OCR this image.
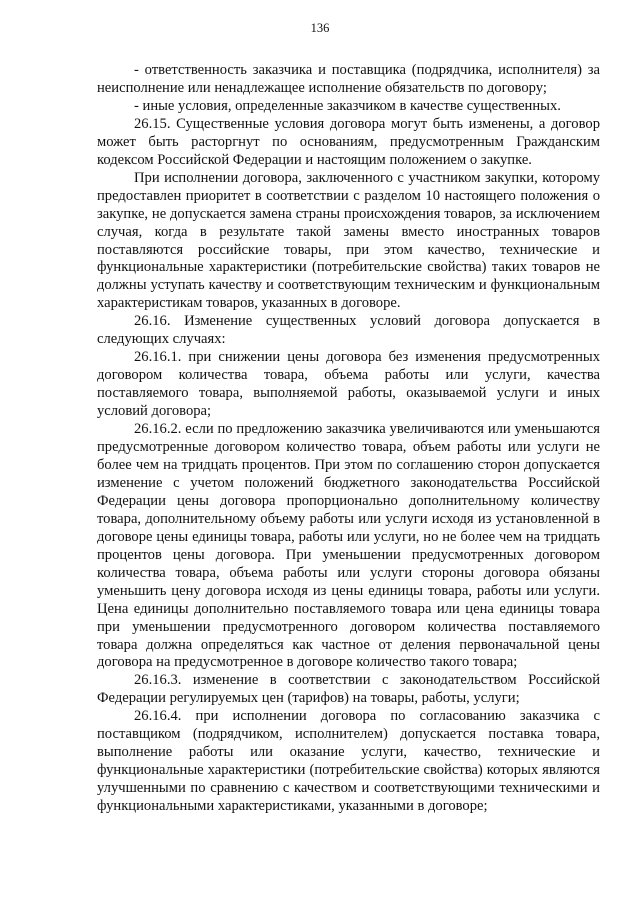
136

- ответственность заказчика и поставщика (подрядчика, исполнителя) за неисполнение или ненадлежащее исполнение обязательств по договору;

- иные условия, определенные заказчиком в качестве существенных.

26.15. Существенные условия договора могут быть изменены, а договор может быть расторгнут по основаниям, предусмотренным Гражданским кодексом Российской Федерации и настоящим положением о закупке.

При исполнении договора, заключенного с участником закупки, которому предоставлен приоритет в соответствии с разделом 10 настоящего положения о закупке, не допускается замена страны происхождения товаров, за исключением случая, когда в результате такой замены вместо иностранных товаров поставляются российские товары, при этом качество, технические и функциональные характеристики (потребительские свойства) таких товаров не должны уступать качеству и соответствующим техническим и функциональным характеристикам товаров, указанных в договоре.

26.16. Изменение существенных условий договора допускается в следующих случаях:

26.16.1. при снижении цены договора без изменения предусмотренных договором количества товара, объема работы или услуги, качества поставляемого товара, выполняемой работы, оказываемой услуги и иных условий договора;

26.16.2. если по предложению заказчика увеличиваются или уменьшаются предусмотренные договором количество товара, объем работы или услуги не более чем на тридцать процентов. При этом по соглашению сторон допускается изменение с учетом положений бюджетного законодательства Российской Федерации цены договора пропорционально дополнительному количеству товара, дополнительному объему работы или услуги исходя из установленной в договоре цены единицы товара, работы или услуги, но не более чем на тридцать процентов цены договора. При уменьшении предусмотренных договором количества товара, объема работы или услуги стороны договора обязаны уменьшить цену договора исходя из цены единицы товара, работы или услуги. Цена единицы дополнительно поставляемого товара или цена единицы товара при уменьшении предусмотренного договором количества поставляемого товара должна определяться как частное от деления первоначальной цены договора на предусмотренное в договоре количество такого товара;

26.16.3. изменение в соответствии с законодательством Российской Федерации регулируемых цен (тарифов) на товары, работы, услуги;

26.16.4. при исполнении договора по согласованию заказчика с поставщиком (подрядчиком, исполнителем) допускается поставка товара, выполнение работы или оказание услуги, качество, технические и функциональные характеристики (потребительские свойства) которых являются улучшенными по сравнению с качеством и соответствующими техническими и функциональными характеристиками, указанными в договоре;
